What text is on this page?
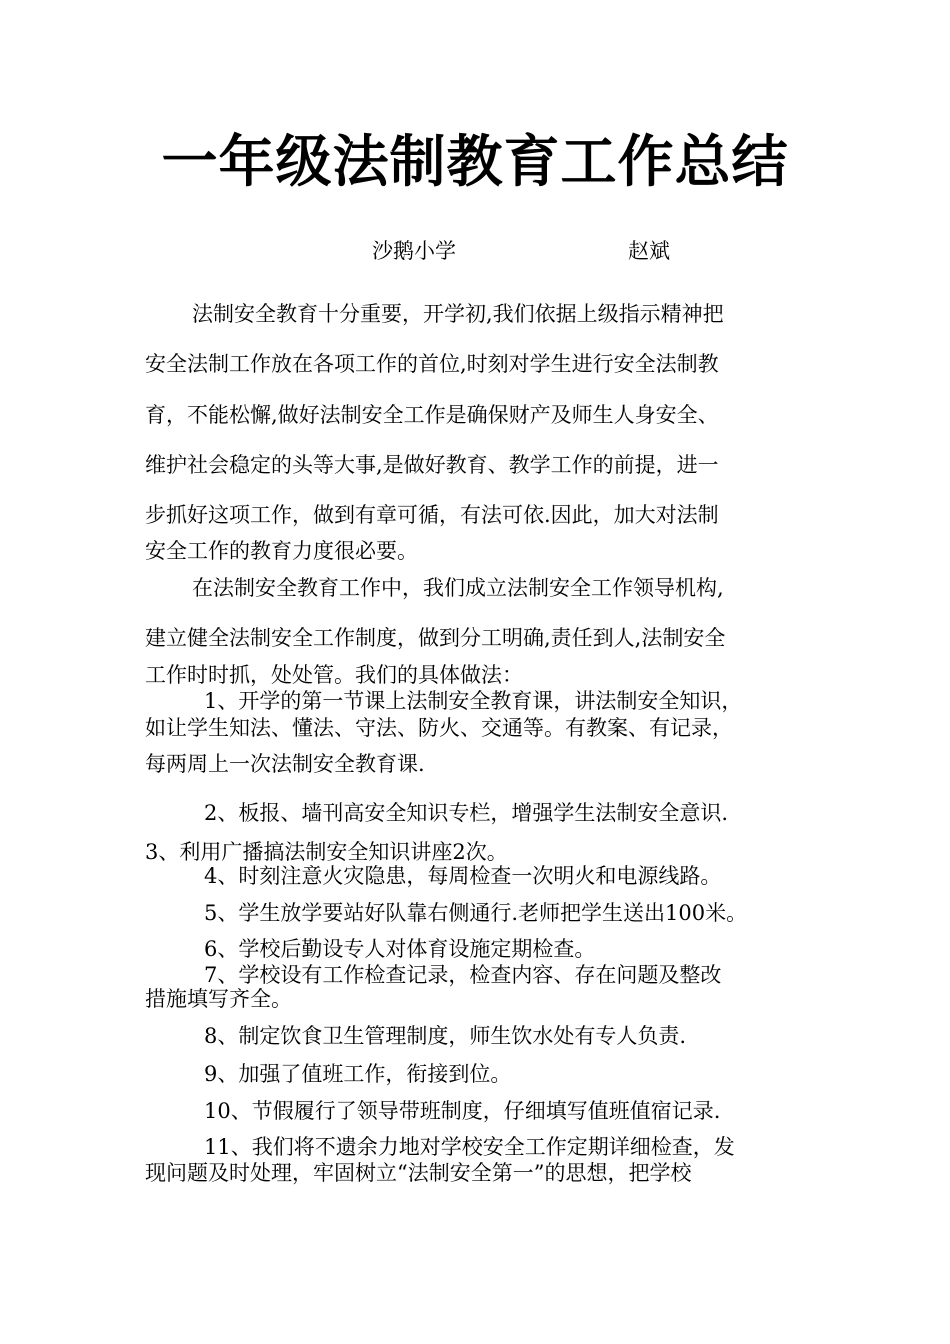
一年级法制教育工作总结
沙鹅小学	赵斌
法制安全教育十分重要，开学初,我们依据上级指示精神把
安全法制工作放在各项工作的首位,时刻对学生进行安全法制教
育，不能松懈,做好法制安全工作是确保财产及师生人身安全、
维护社会稳定的头等大事,是做好教育、教学工作的前提，进一
步抓好这项工作，做到有章可循，有法可依.因此，加大对法制
安全工作的教育力度很必要。
在法制安全教育工作中，我们成立法制安全工作领导机构,
建立健全法制安全工作制度，做到分工明确,责任到人,法制安全
工作时时抓，处处管。我们的具体做法：
1、开学的第一节课上法制安全教育课，讲法制安全知识，
如让学生知法、懂法、守法、防火、交通等。有教案、有记录，
每两周上一次法制安全教育课.
2、板报、墙刊高安全知识专栏，增强学生法制安全意识.
3、利用广播搞法制安全知识讲座2次。
4、时刻注意火灾隐患，每周检查一次明火和电源线路。
5、学生放学要站好队靠右侧通行.老师把学生送出100米。
6、学校后勤设专人对体育设施定期检查。
7、学校设有工作检查记录，检查内容、存在问题及整改
措施填写齐全。
8、制定饮食卫生管理制度，师生饮水处有专人负责.
9、加强了值班工作，衔接到位。
10、节假履行了领导带班制度，仔细填写值班值宿记录.
11、我们将不遗余力地对学校安全工作定期详细检查，发
现问题及时处理，牢固树立“法制安全第一”的思想，把学校
